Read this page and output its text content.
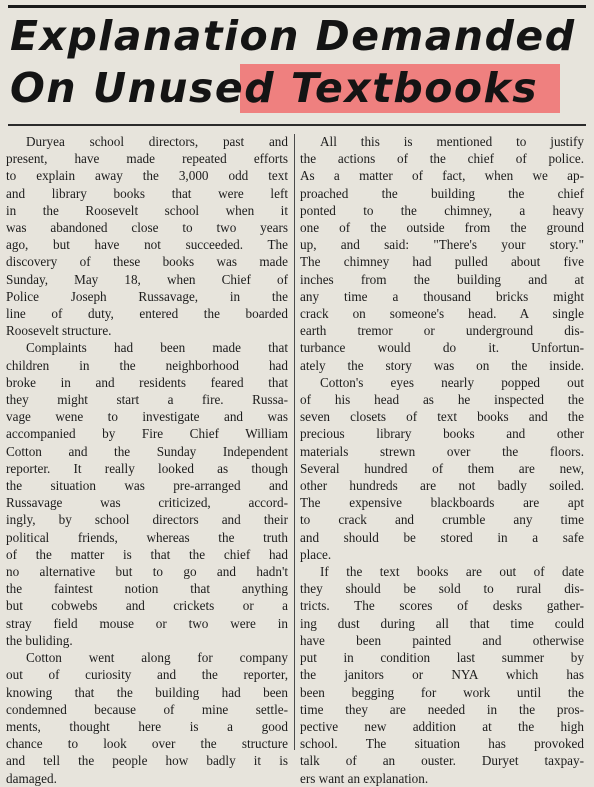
Explanation Demanded
On Unused Textbooks
Duryea school directors, past and
present, have made repeated efforts
to explain away the 3,000 odd text
and library books that were left
in the Roosevelt school when it
was abandoned close to two years
ago, but have not succeeded. The
discovery of these books was made
Sunday, May 18, when Chief of
Police Joseph Russavage, in the
line of duty, entered the boarded
Roosevelt structure.
Complaints had been made that
children in the neighborhood had
broke in and residents feared that
they might start a fire. Russa-
vage wene to investigate and was
accompanied by Fire Chief William
Cotton and the Sunday Independent
reporter. It really looked as though
the situation was pre-arranged and
Russavage was criticized, accord-
ingly, by school directors and their
political friends, whereas the truth
of the matter is that the chief had
no alternative but to go and hadn't
the faintest notion that anything
but cobwebs and crickets or a
stray field mouse or two were in
the buliding.
Cotton went along for company
out of curiosity and the reporter,
knowing that the building had been
condemned because of mine settle-
ments, thought here is a good
chance to look over the structure
and tell the people how badly it is
damaged.
All this is mentioned to justify
the actions of the chief of police.
As a matter of fact, when we ap-
proached the building the chief
ponted to the chimney, a heavy
one of the outside from the ground
up, and said: "There's your story."
The chimney had pulled about five
inches from the building and at
any time a thousand bricks might
crack on someone's head. A single
earth tremor or underground dis-
turbance would do it. Unfortun-
ately the story was on the inside.
Cotton's eyes nearly popped out
of his head as he inspected the
seven closets of text books and the
precious library books and other
materials strewn over the floors.
Several hundred of them are new,
other hundreds are not badly soiled.
The expensive blackboards are apt
to crack and crumble any time
and should be stored in a safe
place.
If the text books are out of date
they should be sold to rural dis-
tricts. The scores of desks gather-
ing dust during all that time could
have been painted and otherwise
put in condition last summer by
the janitors or NYA which has
been begging for work until the
time they are needed in the pros-
pective new addition at the high
school. The situation has provoked
talk of an ouster. Duryet taxpay-
ers want an explanation.
